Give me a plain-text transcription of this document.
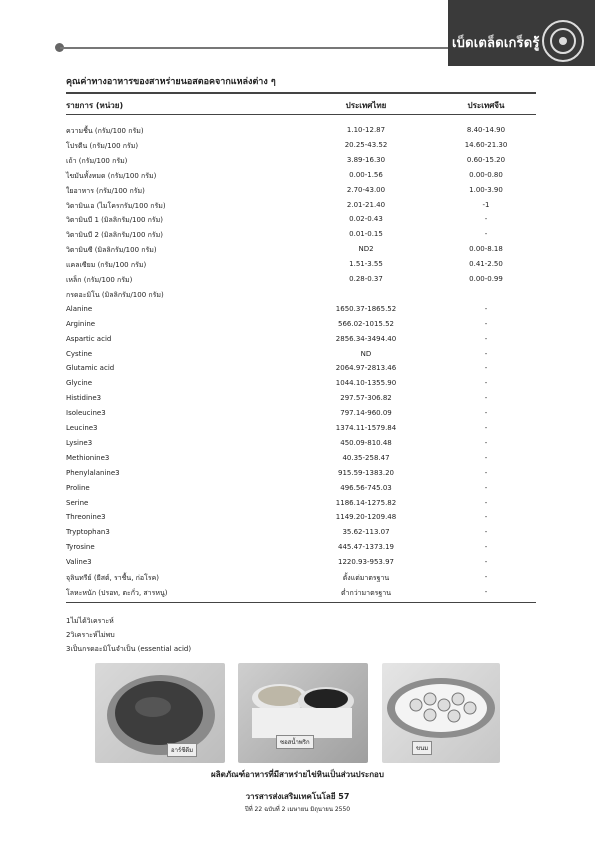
เบ็ดเตล็ดเกร็ดรู้
คุณค่าทางอาหารของสาหร่ายนอสตอคจากแหล่งต่าง ๆ
รายการ (หน่วย)	ประเทศไทย	ประเทศจีน
ความชื้น (กรัม/100 กรัม)	1.10-12.87	8.40-14.90
โปรตีน (กรัม/100 กรัม)	20.25-43.52	14.60-21.30
เถ้า (กรัม/100 กรัม)	3.89-16.30	0.60-15.20
ไขมันทั้งหมด (กรัม/100 กรัม)	0.00-1.56	0.00-0.80
ใยอาหาร (กรัม/100 กรัม)	2.70-43.00	1.00-3.90
วิตามินเอ (ไมโครกรัม/100 กรัม)	2.01-21.40	-1
วิตามินบี 1 (มิลลิกรัม/100 กรัม)	0.02-0.43	-
วิตามินบี 2 (มิลลิกรัม/100 กรัม)	0.01-0.15	-
วิตามินซี (มิลลิกรัม/100 กรัม)	ND2	0.00-8.18
แคลเซียม (กรัม/100 กรัม)	1.51-3.55	0.41-2.50
เหล็ก (กรัม/100 กรัม)	0.28-0.37	0.00-0.99
กรดอะมิโน (มิลลิกรัม/100 กรัม)
Alanine	1650.37-1865.52	-
Arginine	566.02-1015.52	-
Aspartic acid	2856.34-3494.40	-
Cystine	ND	-
Glutamic acid	2064.97-2813.46	-
Glycine	1044.10-1355.90	-
Histidine3	297.57-306.82	-
Isoleucine3	797.14-960.09	-
Leucine3	1374.11-1579.84	-
Lysine3	450.09-810.48	-
Methionine3	40.35-258.47	-
Phenylalanine3	915.59-1383.20	-
Proline	496.56-745.03	-
Serine	1186.14-1275.82	-
Threonine3	1149.20-1209.48	-
Tryptophan3	35.62-113.07	-
Tyrosine	445.47-1373.19	-
Valine3	1220.93-953.97	-
จุลินทรีย์ (ยีสต์, ราชื้น, ก่อโรค)	ตั้งแต่มาตรฐาน	-
โลหะหนัก (ปรอท, ตะกั่ว, สารหนู)	ต่ำกว่ามาตรฐาน	-
1ไม่ได้วิเคราะห์
2วิเคราะห์ไม่พบ
3เป็นกรดอะมิโนจำเป็น (essential acid)
อาร์ชีดีม
ซอสน้ำพริก
ขนม
ผลิตภัณฑ์อาหารที่มีสาหร่ายไข่หินเป็นส่วนประกอบ
วารสารส่งเสริมเทคโนโลยี 57
ปีที่ 22 ฉบับที่ 2 เมษายน มิถุนายน 2550
